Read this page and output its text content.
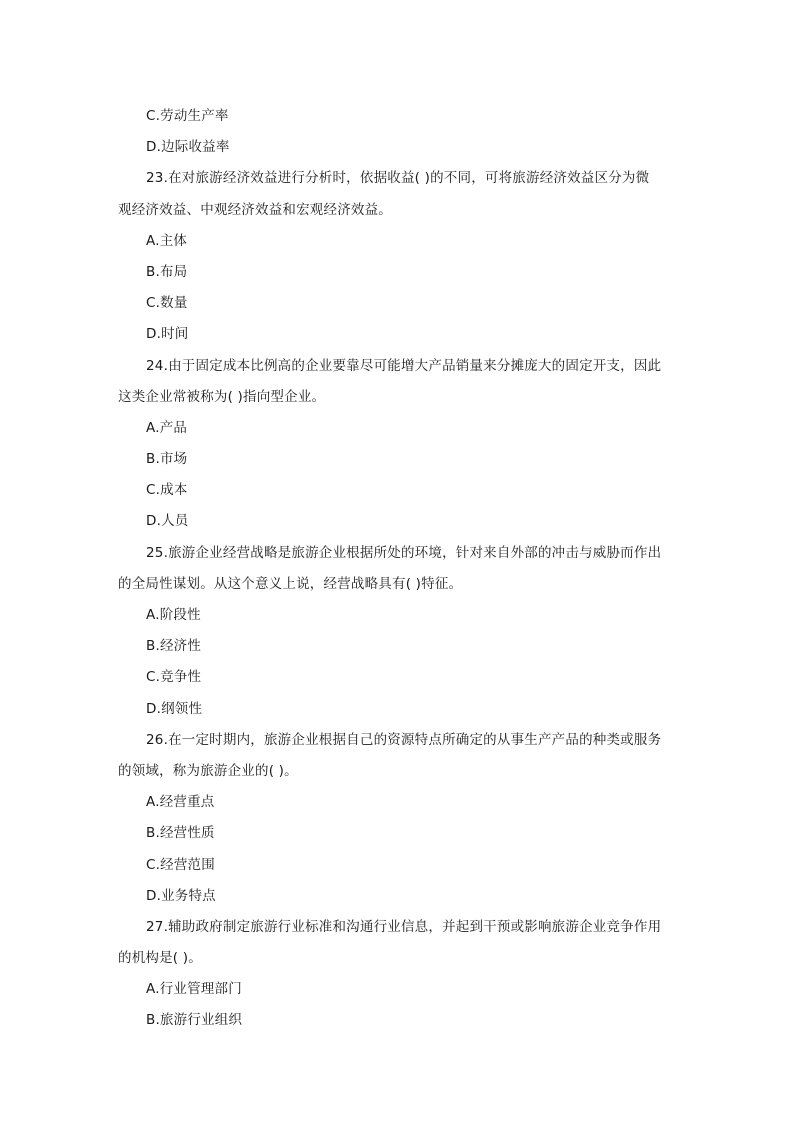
C.劳动生产率
D.边际收益率
23.在对旅游经济效益进行分析时，依据收益( )的不同，可将旅游经济效益区分为微
观经济效益、中观经济效益和宏观经济效益。
A.主体
B.布局
C.数量
D.时间
24.由于固定成本比例高的企业要靠尽可能增大产品销量来分摊庞大的固定开支，因此
这类企业常被称为( )指向型企业。
A.产品
B.市场
C.成本
D.人员
25.旅游企业经营战略是旅游企业根据所处的环境，针对来自外部的冲击与威胁而作出
的全局性谋划。从这个意义上说，经营战略具有( )特征。
A.阶段性
B.经济性
C.竞争性
D.纲领性
26.在一定时期内，旅游企业根据自己的资源特点所确定的从事生产产品的种类或服务
的领域，称为旅游企业的( )。
A.经营重点
B.经营性质
C.经营范围
D.业务特点
27.辅助政府制定旅游行业标准和沟通行业信息，并起到干预或影响旅游企业竞争作用
的机构是( )。
A.行业管理部门
B.旅游行业组织
